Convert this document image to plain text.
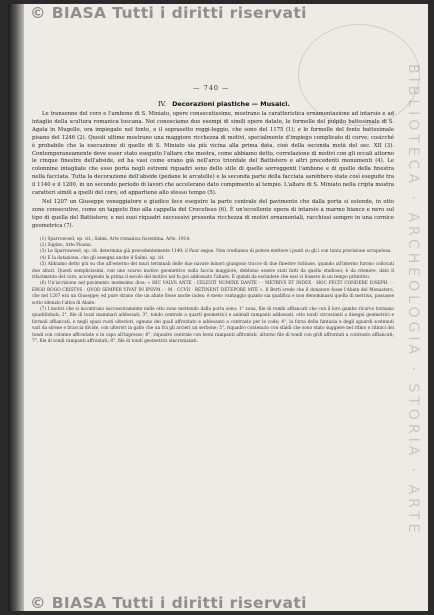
© BIASA Tutti i diritti riservati
BIBLIOTECA · ARCHEOLOGIA · STORIA · ARTE
— 740 —
IV. Decorazioni plastiche — Musaici.

Le transenne del coro e l'ambone di S. Miniato, opere consecutissime, mostrano la caratteristica ornamentazione ad intarsio e ad intaglio della scultura romanica toscana. Noi conosciamo due esempi di simili opere datate, le formelle del pulpito battesimale di S. Agata in Mugello, ora impiegate nel fonte, e il soprasetto reggi-leggio, che sono del 1175 (1); e le formelle del fonte battesimale pisano del 1246 (2). Questi ultime mostrano una maggiore ricchezza di motivi, specialmente d'impiego complicato di curve; cosicché è probabile che la esecuzione di quello di S. Miniato sia più vicina alla prima data, cioè della seconda metà del sec. XII (3). Contemporaneamente deve esser stato eseguito l'altare che mostra, come abbiamo detto, correlazione di motivi con gli occali attorno le cinque finestre dell'abside, ed ha vasi come erano già nell'arco trionfale del Battistero e altri precedenti monumenti (4). Le colonnine intagliate che esso porta negli estremi riquadri sono dello stile di quelle sorreggenti l'ambone e di quelle della finestra nella facciata. Tutta la decorazione dell'abside (pedane le arcatelle) e la seconda parte della facciata sarebbero state così eseguite tra il 1140 e il 1200, in un secondo periodo di lavori che accelerano dato compimento al tempio. L'altare di S. Miniato nella cripta mostra caratteri simili a quelli del coro, ed appartiene allo stesso tempo (5).

Nel 1207 un Giuseppe veneggiatore e giudice fece eseguire la parte centrale del pavimento che dalla porta si estende, in otto zone consecutive, come un tappeto fino alla cappella del Crocefisso (6). È un'eccellente opera di intarsio a marmo bianco e nero sul tipo di quella del Battistero; e nei suoi riquadri successivi presenta ricchezza di motivi ornamentali, racchiusi sempre in una cornice geometrica (7).

(1) Sparrowoed, op. cit.; Salmi, Arte romanica fiorentina. Arte, 1914.

(2) Supino, Arte Pisana.

(3) Le Sparrowoed, op. cit. determina già precedentemente 1140; il Paur segue. Non credianno di potere mettere i punti su gli i con tanta precisione scrupolosa.

(4) E la datazione, che gli assegna anche il Salmi, op. cit.

(5) Abbiamo detto più su che all'esterno dei muri terminali delle due navate minori giungono tracce di due finestre richiuse, quando all'interno furono collocati due altari. Questi semplicissimi, con uno scarso motivo geometrico sulla faccia maggiore, debbono essere stati fatti da quello studioso; è da ritenere, dato il rifacimento del coro, accorgendo la prima il secolo del motivo nel fu poi addossato l'altare. È quindi da escludere che essi vi fossero in un tempo primitivo.

(6) Un'iscrizione nel pavimento medesimo dice: « HIC VALVS ANTE · CELESTI NUMINE DANTE · · METRIVS ET INDEX · HOC FECIT CONDERE IOSEPH · · ERGO ROGO CRISTVS · QVOD SEMPER VIVAT IN IPSVM · · M · CCVII · RETINENT DETEPORE MTE ». Il Berti crede che il donatore fosse l'Abate del Monastero, che nel 1207 era un Giuseppe; ed pure strano che un abate fosse anche iudex: è meno vantaggio quanto sia qualifica e non denominassi quella di metrius, passasse sotto silenzio l'altra di Abate.

(7) I motivi che si incontrano successivamente nelle otto zone mettendo dalla porta sono: 1° zona, file di rombi affiancati che con il loro gambo ricurvo formano quadrilobati; 2°, file di tozzi mammari addossati; 3°, tondo centrale a quarti geometrici e animali rampanti addossati, otto tondi circostanti a disegni geometrici e formali affiancati, e negli spazi vuoti ulteriori, ognuno dei quali affrontato e addossato a contrasto per le code; 4°, la forza della fantasia e degli sguardi sostenuti vari da sirene e braccia divide, con ulterori in gallo che un fra gli arcieri un serbone; 5°, riquadro contenuto con sfaldi che sono stato suggiere nel ritmo e ritmici dei tondi con colonne affrontate o in capo all'ingresso; 6°, riquadro centrale con leoni rampanti affrontati, attorno file di tondi con grifi affrontati a contrasto affiancati; 7°, file di tondi rampanti affrontati; 8°, file di tondi geometrici sincronizzati.

© BIASA Tutti i diritti riservati
